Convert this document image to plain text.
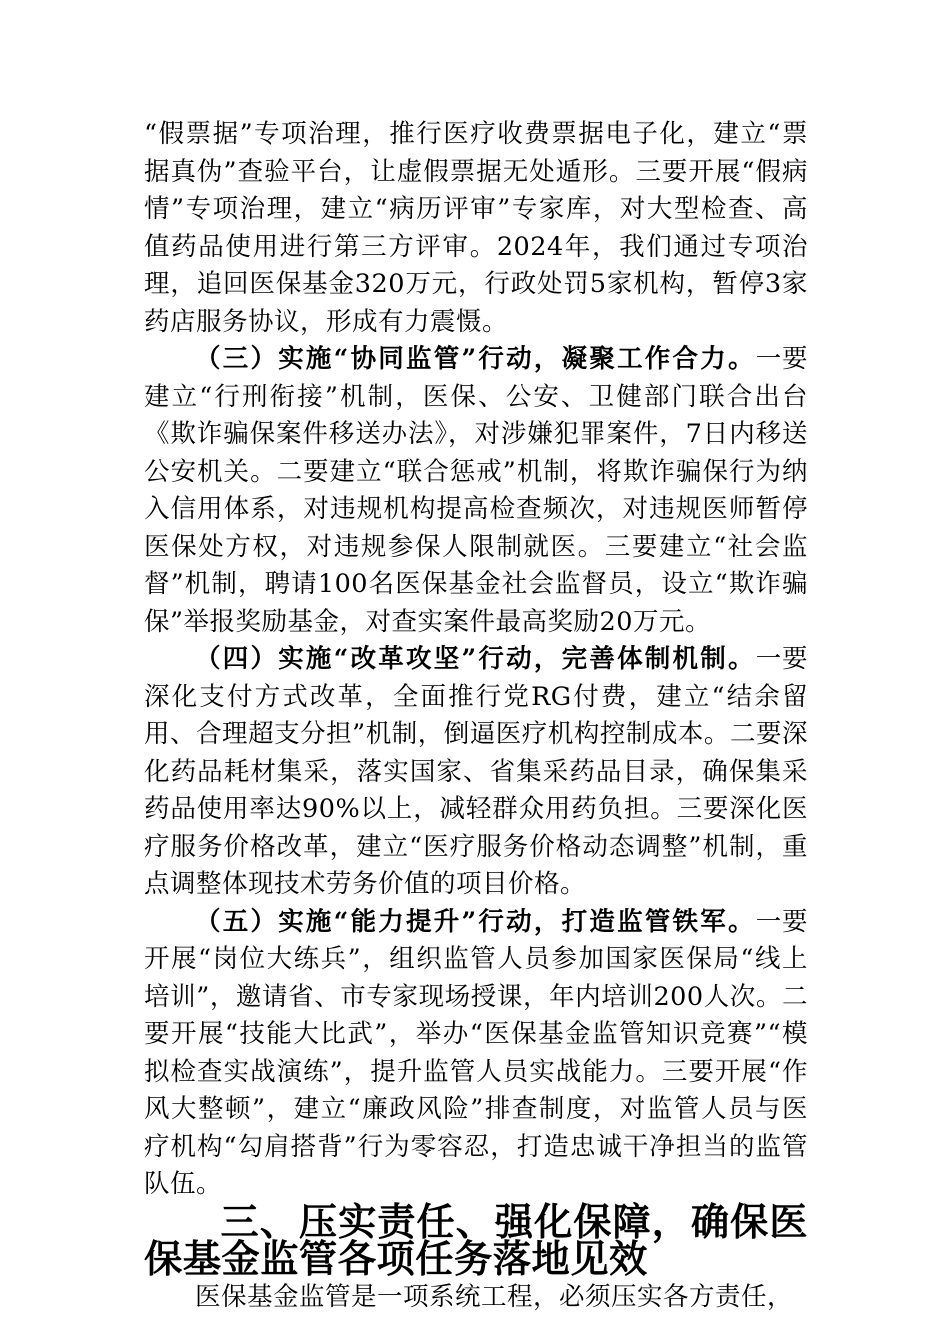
“假票据”专项治理，推行医疗收费票据电子化，建立“票据真伪”查验平台，让虚假票据无处遁形。三要开展“假病情”专项治理，建立“病历评审”专家库，对大型检查、高值药品使用进行第三方评审。2024年，我们通过专项治理，追回医保基金320万元，行政处罚5家机构，暂停3家药店服务协议，形成有力震慑。

（三）实施“协同监管”行动，凝聚工作合力。一要建立“行刑衔接”机制，医保、公安、卫健部门联合出台《欺诈骗保案件移送办法》，对涉嫌犯罪案件，7日内移送公安机关。二要建立“联合惩戒”机制，将欺诈骗保行为纳入信用体系，对违规机构提高检查频次，对违规医师暂停医保处方权，对违规参保人限制就医。三要建立“社会监督”机制，聘请100名医保基金社会监督员，设立“欺诈骗保”举报奖励基金，对查实案件最高奖励20万元。

（四）实施“改革攻坚”行动，完善体制机制。一要深化支付方式改革，全面推行党RG付费，建立“结余留用、合理超支分担”机制，倒逼医疗机构控制成本。二要深化药品耗材集采，落实国家、省集采药品目录，确保集采药品使用率达90%以上，减轻群众用药负担。三要深化医疗服务价格改革，建立“医疗服务价格动态调整”机制，重点调整体现技术劳务价值的项目价格。

（五）实施“能力提升”行动，打造监管铁军。一要开展“岗位大练兵”，组织监管人员参加国家医保局“线上培训”，邀请省、市专家现场授课，年内培训200人次。二要开展“技能大比武”，举办“医保基金监管知识竞赛”“模拟检查实战演练”，提升监管人员实战能力。三要开展“作风大整顿”，建立“廉政风险”排查制度，对监管人员与医疗机构“勾肩搭背”行为零容忍，打造忠诚干净担当的监管队伍。

三、压实责任、强化保障，确保医保基金监管各项任务落地见效

医保基金监管是一项系统工程，必须压实各方责任，
